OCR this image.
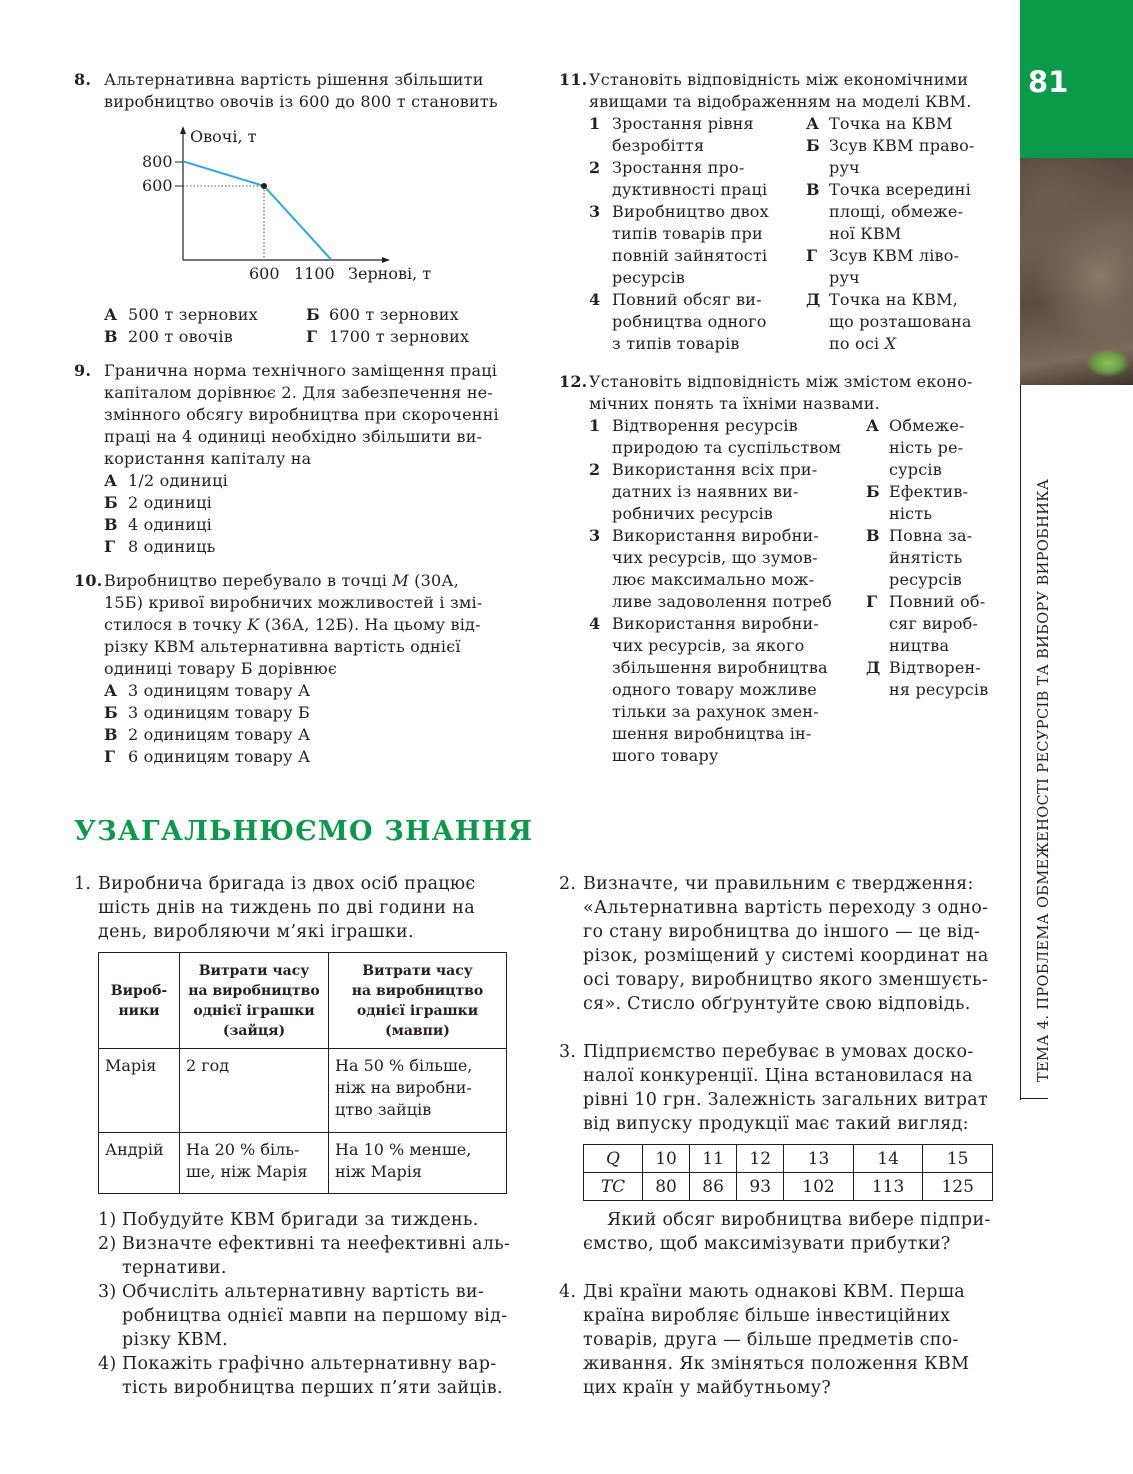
81
ТЕМА 4. ПРОБЛЕМА ОБМЕЖЕНОСТІ РЕСУРСІВ ТА ВИБОРУ ВИРОБНИКА
8. Альтернативна вартість рішення збільшити
виробництво овочів із 600 до 800 т становить
Овочі, т
Зернові, т
800
600
600 1100
А 500 т зернових	Б 600 т зернових
В 200 т овочів	Г 1700 т зернових
9. Гранична норма технічного заміщення праці
капіталом дорівнює 2. Для забезпечення не-
змінного обсягу виробництва при скороченні
праці на 4 одиниці необхідно збільшити ви-
користання капіталу на
А 1/2 одиниці
Б 2 одиниці
В 4 одиниці
Г 8 одиниць
10. Виробництво перебувало в точці M (30А,
15Б) кривої виробничих можливостей і змі-
стилося в точку K (36А, 12Б). На цьому від-
різку КВМ альтернативна вартість однієї
одиниці товару Б дорівнює
А 3 одиницям товару А
Б 3 одиницям товару Б
В 2 одиницям товару А
Г 6 одиницям товару А
11. Установіть відповідність між економічними
явищами та відображенням на моделі КВМ.
1 Зростання рівня
безробіття
2 Зростання про-
дуктивності праці
3 Виробництво двох
типів товарів при
повній зайнятості
ресурсів
4 Повний обсяг ви-
робництва одного
з типів товарів
А Точка на КВМ
Б Зсув КВМ право-
руч
В Точка всередині
площі, обмеже-
ної КВМ
Г Зсув КВМ ліво-
руч
Д Точка на КВМ,
що розташована
по осі X
12. Установіть відповідність між змістом еконо-
мічних понять та їхніми назвами.
1 Відтворення ресурсів
природою та суспільством
2 Використання всіх при-
датних із наявних ви-
робничих ресурсів
3 Використання виробни-
чих ресурсів, що зумов-
лює максимально мож-
ливе задоволення потреб
4 Використання виробни-
чих ресурсів, за якого
збільшення виробництва
одного товару можливе
тільки за рахунок змен-
шення виробництва ін-
шого товару
А Обмеже-
ність ре-
сурсів
Б Ефектив-
ність
В Повна за-
йнятість
ресурсів
Г Повний об-
сяг вироб-
ництва
Д Відтворен-
ня ресурсів
УЗАГАЛЬНЮЄМО ЗНАННЯ
1. Виробнича бригада із двох осіб працює
шість днів на тиждень по дві години на
день, виробляючи м’які іграшки.
Вироб-
ники	Витрати часу
на виробництво
однієї іграшки
(зайця)	Витрати часу
на виробництво
однієї іграшки
(мавпи)
Марія	2 год	На 50 % більше,
ніж на виробни-
цтво зайців
Андрій	На 20 % біль-
ше, ніж Марія	На 10 % менше,
ніж Марія
1) Побудуйте КВМ бригади за тиждень.
2) Визначте ефективні та неефективні аль-
тернативи.
3) Обчисліть альтернативну вартість ви-
робництва однієї мавпи на першому від-
різку КВМ.
4) Покажіть графічно альтернативну вар-
тість виробництва перших п’яти зайців.
2. Визначте, чи правильним є твердження:
«Альтернативна вартість переходу з одно-
го стану виробництва до іншого — це від-
різок, розміщений у системі координат на
осі товару, виробництво якого зменшуєть-
ся». Стисло обґрунтуйте свою відповідь.
3. Підприємство перебуває в умовах доско-
налої конкуренції. Ціна встановилася на
рівні 10 грн. Залежність загальних витрат
від випуску продукції має такий вигляд:
Q	10	11	12	13	14	15
TC	80	86	93	102	113	125
Який обсяг виробництва вибере підпри-
ємство, щоб максимізувати прибутки?
4. Дві країни мають однакові КВМ. Перша
країна виробляє більше інвестиційних
товарів, друга — більше предметів спо-
живання. Як зміняться положення КВМ
цих країн у майбутньому?
